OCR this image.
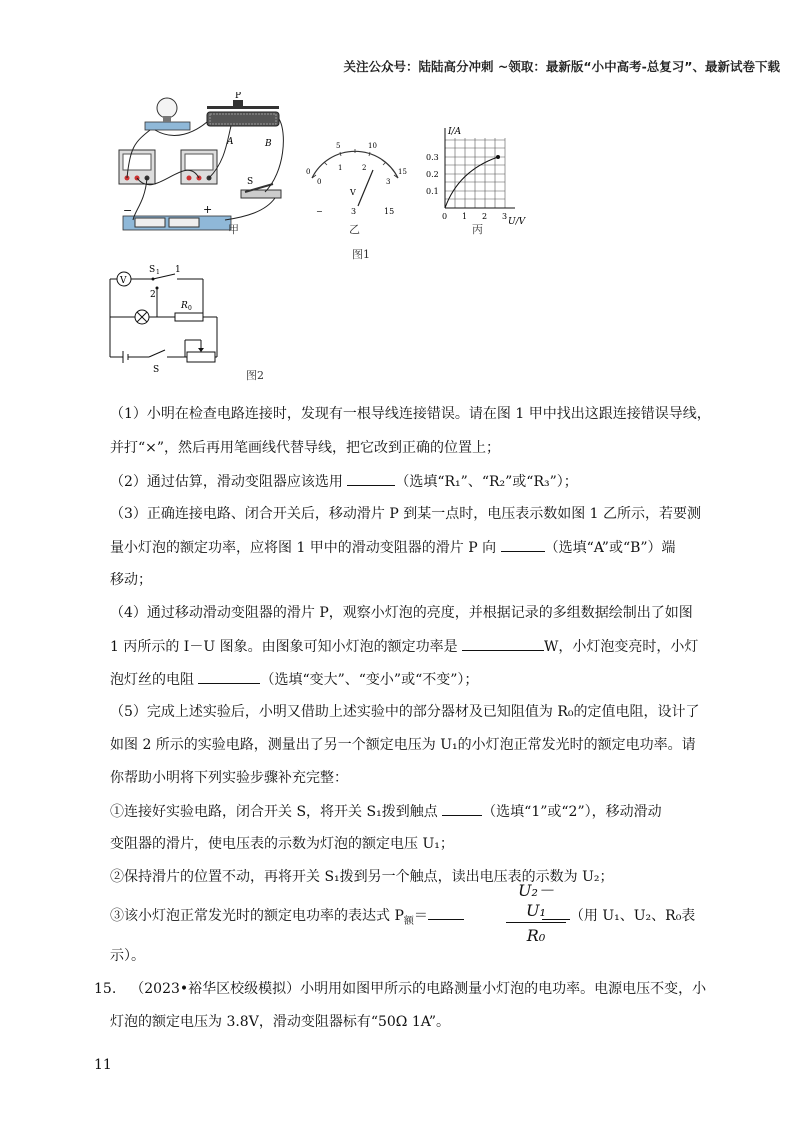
关注公众号：陆陆高分冲刺 ~领取：最新版“小中高考-总复习”、最新试卷下载
P
A	B
S
+
−
甲
0
5	10
15
0
1	2
3
V
−	3	15
乙
I/A
U/V
0.3
0.2
0.1
0 1 2 3
丙
图1
V
S 1 1
2
R 0
S	图2
（1）小明在检查电路连接时，发现有一根导线连接错误。请在图 1 甲中找出这跟连接错误导线，
并打“×”，然后再用笔画线代替导线，把它改到正确的位置上；
（2）通过估算，滑动变阻器应该选用	（选填“R₁”、“R₂”或“R₃”）；
（3）正确连接电路、闭合开关后，移动滑片 P 到某一点时，电压表示数如图 1 乙所示，若要测
量小灯泡的额定功率，应将图 1 甲中的滑动变阻器的滑片 P 向	（选填“A”或“B”）端
移动；
（4）通过移动滑动变阻器的滑片 P，观察小灯泡的亮度，并根据记录的多组数据绘制出了如图
1 丙所示的 I－U 图象。由图象可知小灯泡的额定功率是	W，小灯泡变亮时，小灯
泡灯丝的电阻	（选填“变大”、“变小”或“不变”）；
（5）完成上述实验后，小明又借助上述实验中的部分器材及已知阻值为 R₀的定值电阻，设计了
如图 2 所示的实验电路，测量出了另一个额定电压为 U₁的小灯泡正常发光时的额定电功率。请
你帮助小明将下列实验步骤补充完整：
①连接好实验电路，闭合开关 S，将开关 S₁拨到触点	（选填“1”或“2”），移动滑动
变阻器的滑片，使电压表的示数为灯泡的额定电压 U₁；
②保持滑片的位置不动，再将开关 S₁拨到另一个触点，读出电压表的示数为 U₂；
③该小灯泡正常发光时的额定电功率的表达式 $P_额=$	（用 U₁、U₂、R₀表
$\frac{\text{U₂－U₁}}{\text{R₀}}$
示）。
15. （2023•裕华区校级模拟）小明用如图甲所示的电路测量小灯泡的电功率。电源电压不变，小
灯泡的额定电压为 3.8V，滑动变阻器标有“50Ω 1A”。
11
